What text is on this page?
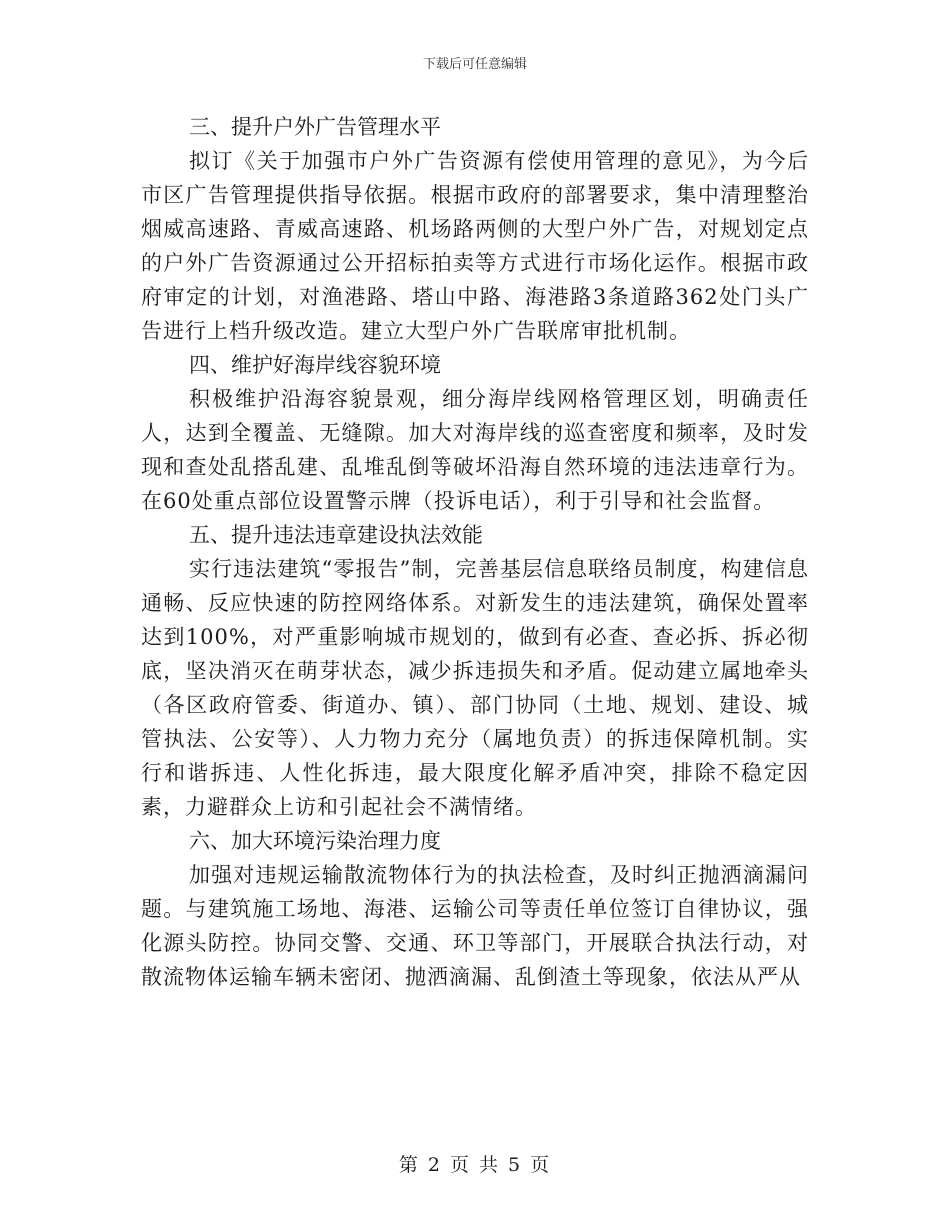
下载后可任意编辑

三、提升户外广告管理水平

拟订《关于加强市户外广告资源有偿使用管理的意见》，为今后市区广告管理提供指导依据。根据市政府的部署要求，集中清理整治烟威高速路、青威高速路、机场路两侧的大型户外广告，对规划定点的户外广告资源通过公开招标拍卖等方式进行市场化运作。根据市政府审定的计划，对渔港路、塔山中路、海港路3条道路362处门头广告进行上档升级改造。建立大型户外广告联席审批机制。

四、维护好海岸线容貌环境

积极维护沿海容貌景观，细分海岸线网格管理区划，明确责任人，达到全覆盖、无缝隙。加大对海岸线的巡查密度和频率，及时发现和查处乱搭乱建、乱堆乱倒等破坏沿海自然环境的违法违章行为。在60处重点部位设置警示牌（投诉电话），利于引导和社会监督。

五、提升违法违章建设执法效能

实行违法建筑“零报告”制，完善基层信息联络员制度，构建信息通畅、反应快速的防控网络体系。对新发生的违法建筑，确保处置率达到100%，对严重影响城市规划的，做到有必查、查必拆、拆必彻底，坚决消灭在萌芽状态，减少拆违损失和矛盾。促动建立属地牵头（各区政府管委、街道办、镇）、部门协同（土地、规划、建设、城管执法、公安等）、人力物力充分（属地负责）的拆违保障机制。实行和谐拆违、人性化拆违，最大限度化解矛盾冲突，排除不稳定因素，力避群众上访和引起社会不满情绪。

六、加大环境污染治理力度

加强对违规运输散流物体行为的执法检查，及时纠正抛洒滴漏问题。与建筑施工场地、海港、运输公司等责任单位签订自律协议，强化源头防控。协同交警、交通、环卫等部门，开展联合执法行动，对散流物体运输车辆未密闭、抛洒滴漏、乱倒渣土等现象，依法从严从

第 2 页 共 5 页
